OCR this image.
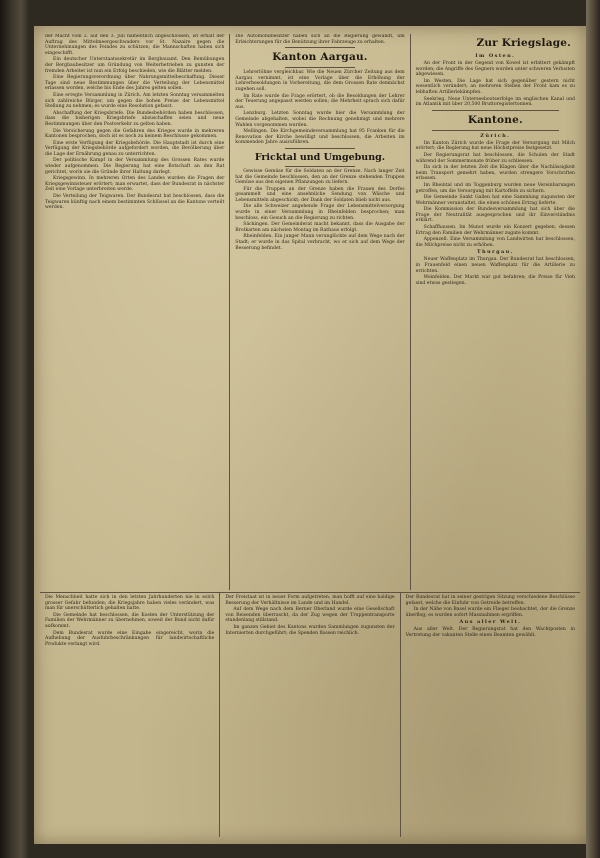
der Macht vom 2. auf den 3. Juli namentlich abgeschlossen, ist erhalt der Auftrag des Mittelmeergeschwaders vor St. Nazaire gegen die Unternehmungen des Feindes zu schützen; die Mannschaften haben sich eingeschifft.

Ein deutscher Unterstaatssekretär im Bergbauamt. Den Bemühungen der Bergbaubesitzer um Gründung von Weiterbetrieben zu gunsten der fremden Arbeiter ist nun ein Erfolg beschieden, wie die Blätter melden.

Eine Regierungsverordnung über Nahrungsmittelbeschaffung. Dieser Tage sind neue Bestimmungen über die Verteilung der Lebensmittel erlassen worden, welche bis Ende des Jahres gelten sollen.

Eine erregte Versammlung in Zürich. Am letzten Sonntag versammelten sich zahlreiche Bürger, um gegen die hohen Preise der Lebensmittel Stellung zu nehmen; es wurde eine Resolution gefasst.

Abschaffung der Kriegsbriefe. Die Bundesbehörden haben beschlossen, dass die bisherigen Kriegsbriefe abzuschaffen seien und neue Bestimmungen über den Postverkehr zu gelten haben.

Die Versicherung gegen die Gefahren des Krieges wurde in mehreren Kantonen besprochen, doch ist es noch zu keinem Beschlusse gekommen.

Eine erste Verfügung der Kriegsbehörde. Die Hauptstadt ist durch eine Verfügung der Kriegsbehörde aufgefordert worden, die Bevölkerung über die Lage der Ernährung genau zu unterrichten.

Der politische Kampf in der Versammlung des Grossen Rates wurde wieder aufgenommen. Die Regierung hat eine Botschaft an den Rat gerichtet, worin sie die Gründe ihrer Haltung darlegt.

Kriegsgewinn. In mehreren Orten des Landes wurden die Fragen der Kriegsgewinnsteuer erörtert; man erwartet, dass der Bundesrat in nächster Zeit eine Vorlage unterbreiten werde.

Die Verteilung der Teigwaren. Der Bundesrat hat beschlossen, dass die Teigwaren künftig nach einem bestimmten Schlüssel an die Kantone verteilt werden.

Die Automobilbesitzer haben sich an die Regierung gewandt, um Erleichterungen für die Benützung ihrer Fahrzeuge zu erhalten.

Kanton Aargau.

Lehrerlöhne vergleichbar. Wie die Neuen Zürcher Zeitung aus dem Aargau vernimmt, ist eine Vorlage über die Erhöhung der Lehrerbesoldungen in Vorbereitung, die dem Grossen Rate demnächst zugehen soll.

Im Rate wurde die Frage erörtert, ob die Besoldungen der Lehrer der Teuerung angepasst werden sollen; die Mehrheit sprach sich dafür aus.

Lenzburg. Letzten Sonntag wurde hier die Versammlung der Gemeinde abgehalten, wobei die Rechnung genehmigt und mehrere Wahlen vorgenommen wurden.

Mellingen. Die Kirchgemeindeversammlung hat 95 Franken für die Renovation der Kirche bewilligt und beschlossen, die Arbeiten im kommenden Jahre auszuführen.

Fricktal und Umgebung.

Gewisse Gemüse für die Soldaten an der Grenze. Nach langer Zeit hat die Gemeinde beschlossen, den an der Grenze stehenden Truppen Gemüse aus den eigenen Pflanzungen zu liefern.

Für die Truppen an der Grenze haben die Frauen des Dorfes gesammelt und eine ansehnliche Sendung von Wäsche und Lebensmitteln abgeschickt; der Dank der Soldaten blieb nicht aus.

Die alle Schweizer angehende Frage der Lebensmittelversorgung wurde in einer Versammlung in Rheinfelden besprochen; man beschloss, ein Gesuch an die Regierung zu richten.

Säckingen. Der Gemeinderat macht bekannt, dass die Ausgabe der Brotkarten am nächsten Montag im Rathaus erfolgt.

Rheinfelden. Ein junger Mann verunglückte auf dem Wege nach der Stadt; er wurde in das Spital verbracht, wo er sich auf dem Wege der Besserung befindet.

Zur Kriegslage.
Im Osten.

An der Front in der Gegend von Kowel ist erbittert gekämpft worden; die Angriffe des Gegners wurden unter schweren Verlusten abgewiesen.

Im Westen. Die Lage hat sich gegenüber gestern nicht wesentlich verändert; an mehreren Stellen der Front kam es zu lebhaften Artilleriekämpfen.

Seekrieg. Neue Unterseebootserfolge im englischen Kanal und im Atlantik mit über 20,500 Bruttoregistertonnen.

Kantone.
Zürich.

Im Kanton Zürich wurde die Frage der Versorgung mit Milch erörtert; die Regierung hat neue Höchstpreise festgesetzt.

Der Regierungsrat hat beschlossen, die Schulen der Stadt während der Sommermonate früher zu schliessen.

Da sich in der letzten Zeit die Klagen über die Nachlässigkeit beim Transport gemehrt haben, wurden strengere Vorschriften erlassen.

Im Rheintal und im Toggenburg wurden neue Vereinbarungen getroffen, um die Versorgung mit Kartoffeln zu sichern.

Die Gemeinde Sankt Gallen hat eine Sammlung zugunsten der Wehrmänner veranstaltet, die einen schönen Ertrag lieferte.

Die Kommission der Bundesversammlung hat sich über die Frage der Neutralität ausgesprochen und ihr Einverständnis erklärt.

Schaffhausen. Im Munot wurde ein Konzert gegeben, dessen Ertrag den Familien der Wehrmänner zugute kommt.

Appenzell. Eine Versammlung von Landwirten hat beschlossen, die Milchpreise nicht zu erhöhen.

Thurgau.

Neuer Waffenplatz im Thurgau. Der Bundesrat hat beschlossen, in Frauenfeld einen neuen Waffenplatz für die Artillerie zu errichten.

Weinfelden. Der Markt war gut befahren; die Preise für Vieh sind etwas gestiegen.

Die Menschheit hatte sich in den letzten Jahrhunderten nie in solch grosser Gefahr befunden; die Kriegsjahre haben vieles verändert, was man für unerschütterlich gehalten hatte.

Die Gemeinde hat beschlossen, die Kosten der Unterstützung der Familien der Wehrmänner zu übernehmen, soweit der Bund nicht dafür aufkommt.

Dem Bundesrat wurde eine Eingabe eingereicht, worin die Aufhebung der Ausfuhrbeschränkungen für landwirtschaftliche Produkte verlangt wird.

Der Freistaat ist in neuer Form aufgetreten; man hofft auf eine baldige Besserung der Verhältnisse im Lande und im Handel.

Auf dem Wege nach dem Berner Oberland wurde eine Gesellschaft von Reisenden überrascht, da der Zug wegen der Truppentransporte stundenlang stillstand.

Im ganzen Gebiet des Kantons wurden Sammlungen zugunsten der Internierten durchgeführt; die Spenden flossen reichlich.

Der Bundesrat hat in seiner gestrigen Sitzung verschiedene Beschlüsse gefasst, welche die Einfuhr von Getreide betreffen.

In der Nähe von Basel wurde ein Flieger beobachtet, der die Grenze überflog; es wurden sofort Massnahmen ergriffen.

Aus aller Welt.

Aus aller Welt. Der Regierungsrat hat den Wachtposten in Vertretung der vakanten Stelle einen Beamten gewählt.
